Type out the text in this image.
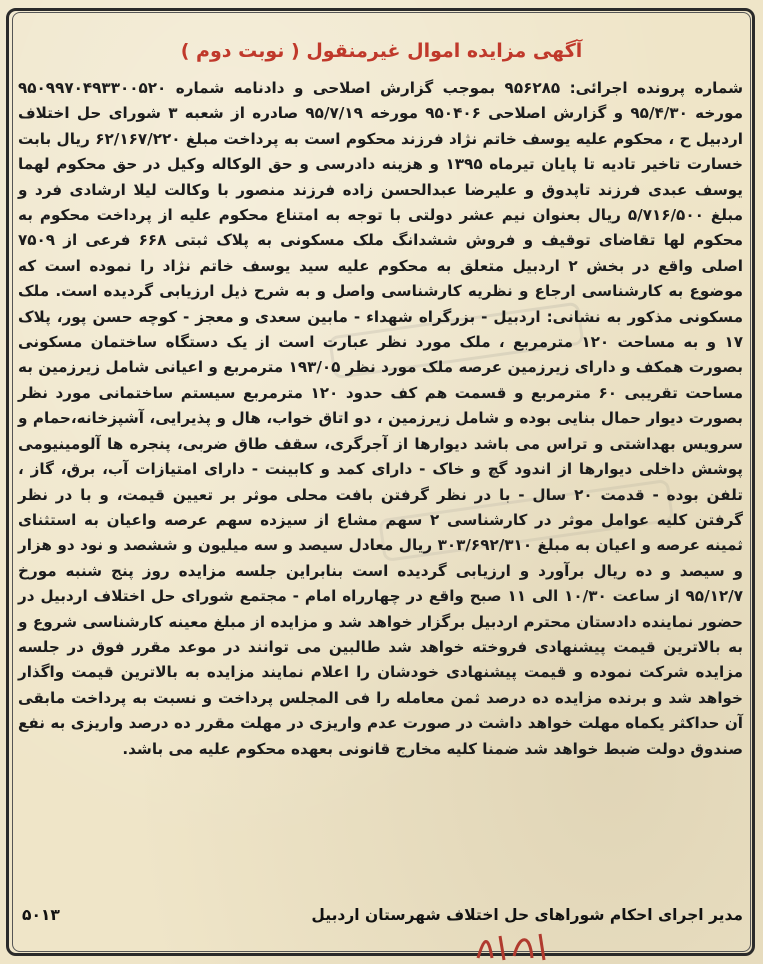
آگهی مزایده اموال غیرمنقول ( نوبت دوم )
شماره پرونده اجرائی: ۹۵۶۲۸۵ بموجب گزارش اصلاحی و دادنامه شماره ۹۵۰۹۹۷۰۴۹۳۳۰۰۵۲۰ مورخه ۹۵/۴/۳۰ و گزارش اصلاحی ۹۵۰۴۰۶ مورخه ۹۵/۷/۱۹ صادره از شعبه ۳ شورای حل اختلاف اردبیل ح ، محکوم علیه یوسف خاتم نژاد فرزند محکوم است به پرداخت مبلغ ۶۲/۱۶۷/۲۲۰ ریال بابت خسارت تاخیر تادیه تا پایان تیرماه ۱۳۹۵ و هزینه دادرسی و حق الوکاله وکیل در حق محکوم لهما یوسف عبدی فرزند تاپدوق و علیرضا عبدالحسن زاده فرزند منصور با وکالت لیلا ارشادی فرد و مبلغ ۵/۷۱۶/۵۰۰ ریال بعنوان نیم عشر دولتی با توجه به امتناع محکوم علیه از پرداخت محکوم به محکوم لها تقاضای توقیف و فروش ششدانگ ملک مسکونی به پلاک ثبتی ۶۶۸ فرعی از ۷۵۰۹ اصلی واقع در بخش ۲ اردبیل متعلق به محکوم علیه سید یوسف خاتم نژاد را نموده است که موضوع به کارشناسی ارجاع و نظریه کارشناسی واصل و به شرح ذیل ارزیابی گردیده است. ملک مسکونی مذکور به نشانی: اردبیل - بزرگراه شهداء - مابین سعدی و معجز - کوچه حسن پور، پلاک ۱۷ و به مساحت ۱۲۰ مترمربع ، ملک مورد نظر عبارت است از یک دستگاه ساختمان مسکونی بصورت همکف و دارای زیرزمین عرصه ملک مورد نظر ۱۹۳/۰۵ مترمربع و اعیانی شامل زیرزمین به مساحت تقریبی ۶۰ مترمربع و قسمت هم کف حدود ۱۲۰ مترمربع سیستم ساختمانی مورد نظر بصورت دیوار حمال بنایی بوده و شامل زیرزمین ، دو اتاق خواب، هال و پذیرایی، آشپزخانه،حمام و سرویس بهداشتی و تراس می باشد دیوارها از آجرگری، سقف طاق ضربی، پنجره ها آلومینیومی پوشش داخلی دیوارها از اندود گچ و خاک - دارای کمد و کابینت - دارای امتیازات آب، برق، گاز ، تلفن بوده - قدمت ۲۰ سال - با در نظر گرفتن بافت محلی موثر بر تعیین قیمت، و با در نظر گرفتن کلیه عوامل موثر در کارشناسی ۲ سهم مشاع از سیزده سهم عرصه واعیان به استثنای ثمینه عرصه و اعیان به مبلغ ۳۰۳/۶۹۲/۳۱۰ ریال معادل سیصد و سه میلیون و ششصد و نود دو هزار و سیصد و ده ریال برآورد و ارزیابی گردیده است بنابراین جلسه مزایده روز پنج شنبه مورخ ۹۵/۱۲/۷ از ساعت ۱۰/۳۰ الی ۱۱ صبح واقع در چهارراه امام - مجتمع شورای حل اختلاف اردبیل در حضور نماینده دادستان محترم اردبیل برگزار خواهد شد و مزایده از مبلغ معینه کارشناسی شروع و به بالاترین قیمت پیشنهادی فروخته خواهد شد طالبین می توانند در موعد مقرر فوق در جلسه مزایده شرکت نموده و قیمت پیشنهادی خودشان را اعلام نمایند مزایده به بالاترین قیمت واگذار خواهد شد و برنده مزایده ده درصد ثمن معامله را فی المجلس پرداخت و نسبت به پرداخت مابقی آن حداکثر یکماه مهلت خواهد داشت در صورت عدم واریزی در مهلت مقرر ده درصد واریزی به نفع صندوق دولت ضبط خواهد شد ضمنا کلیه مخارج قانونی بعهده محکوم علیه می باشد.
مدیر اجرای احکام شوراهای حل اختلاف شهرستان اردبیل
۵۰۱۳
